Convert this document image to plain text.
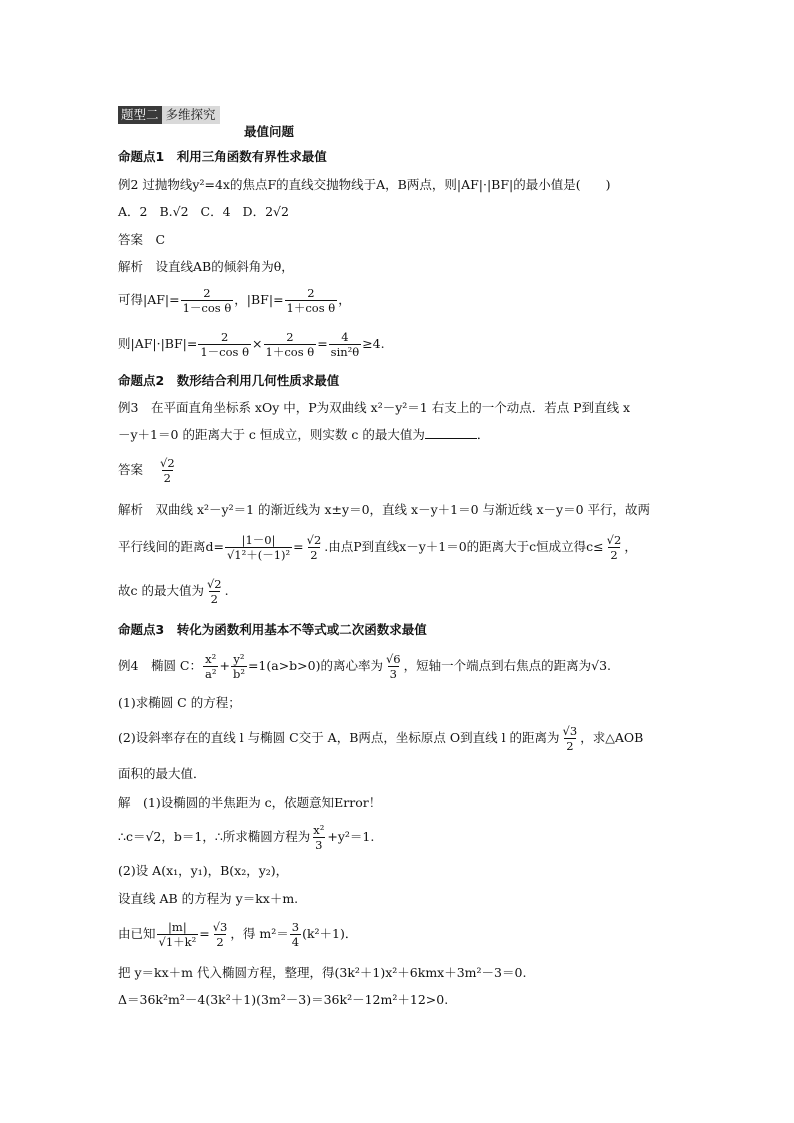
题型二 多维探究
最值问题
命题点1　利用三角函数有界性求最值
例2 过抛物线y²=4x的焦点F的直线交抛物线于A，B两点，则|AF|·|BF|的最小值是(　　)
A．2 B.√2 C．4 D．2√2
答案　C
解析　设直线AB的倾斜角为θ，
可得$|AF|= \frac{2}{\text{1－cos θ}}$ ，$|BF|= \frac{2}{\text{1＋cos θ}}$ ，
则$|AF|\cdot|BF|= \frac{2}{\text{1－cos θ}} \times \frac{2}{\text{1＋cos θ}} = \frac{4}{\text{sin²θ}} \ge 4$.
命题点2　数形结合利用几何性质求最值
例3　在平面直角坐标系 xOy 中，P为双曲线 x²－y²＝1 右支上的一个动点．若点 P到直线 x
－y＋1＝0 的距离大于 c 恒成立，则实数 c 的最大值为	．
答案 $\frac{√2}{2}$
解析　双曲线 x²－y²＝1 的渐近线为 x±y＝0，直线 x－y＋1＝0 与渐近线 x－y＝0 平行，故两
平行线间的距离$d= \frac{|1-0|}{\text{√1²＋(－1)²}} = \frac{√2}{2}$ .由点P到直线x－y＋1＝0的距离大于c恒成立得$c\le \frac{√2}{2}$ ，
故c 的最大值为 $\frac{√2}{2}$ .
命题点3　转化为函数利用基本不等式或二次函数求最值
例4　椭圆 C： $\frac{\text{x²}}{\text{a²}} + \frac{\text{y²}}{\text{b²}} =1(a>b>0)$的离心率为 $\frac{√6}{3}$ ，短轴一个端点到右焦点的距离为√3.
(1)求椭圆 C 的方程；
(2)设斜率存在的直线 l 与椭圆 C交于 A，B两点，坐标原点 O到直线 l 的距离为 $\frac{√3}{2}$ ，求△AOB
面积的最大值．
解　(1)设椭圆的半焦距为 c，依题意知Error！
∴c＝√2，b＝1，∴所求椭圆方程为 $\frac{\text{x²}}{3} +y^2=1$.
(2)设 A(x₁，y₁)，B(x₂，y₂)，
设直线 AB 的方程为 y＝kx＋m.
由已知 $\frac{|m|}{\text{√1＋k²}} = \frac{√3}{2}$ ，得 $m^2= \frac{3}{4} (k^2+1)$．
把 y＝kx＋m 代入椭圆方程，整理，得(3k²＋1)x²＋6kmx＋3m²－3＝0.
Δ＝36k²m²－4(3k²＋1)(3m²－3)＝36k²－12m²＋12>0.
